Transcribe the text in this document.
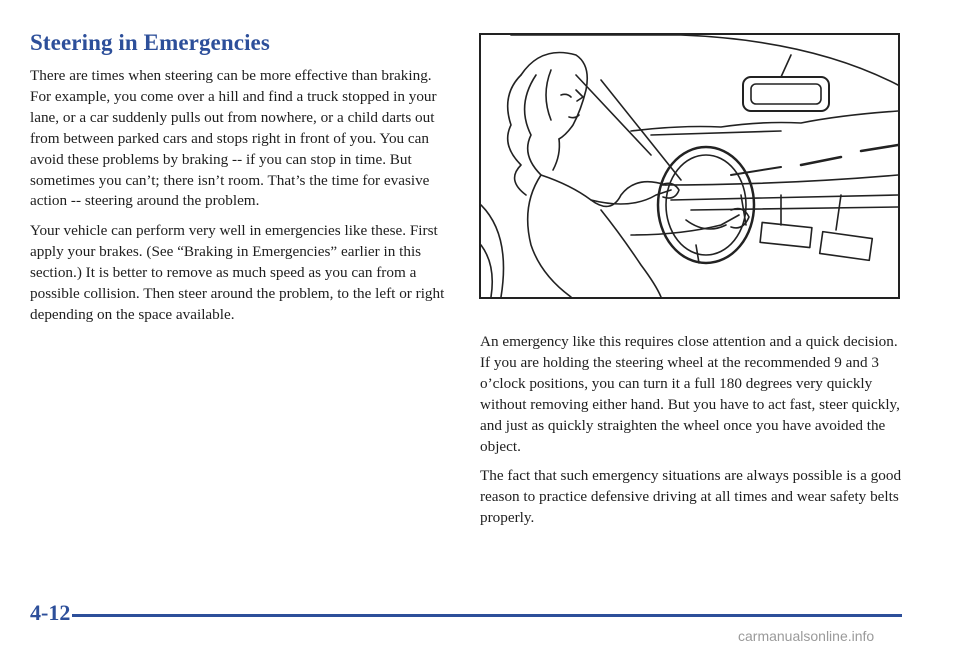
Steering in Emergencies

There are times when steering can be more effective than braking. For example, you come over a hill and find a truck stopped in your lane, or a car suddenly pulls out from nowhere, or a child darts out from between parked cars and stops right in front of you. You can avoid these problems by braking -- if you can stop in time. But sometimes you can’t; there isn’t room. That’s the time for evasive action -- steering around the problem.

Your vehicle can perform very well in emergencies like these. First apply your brakes. (See “Braking in Emergencies” earlier in this section.) It is better to remove as much speed as you can from a possible collision. Then steer around the problem, to the left or right depending on the space available.

An emergency like this requires close attention and a quick decision. If you are holding the steering wheel at the recommended 9 and 3 o’clock positions, you can turn it a full 180 degrees very quickly without removing either hand. But you have to act fast, steer quickly, and just as quickly straighten the wheel once you have avoided the object.

The fact that such emergency situations are always possible is a good reason to practice defensive driving at all times and wear safety belts properly.

4-12
carmanualsonline.info
